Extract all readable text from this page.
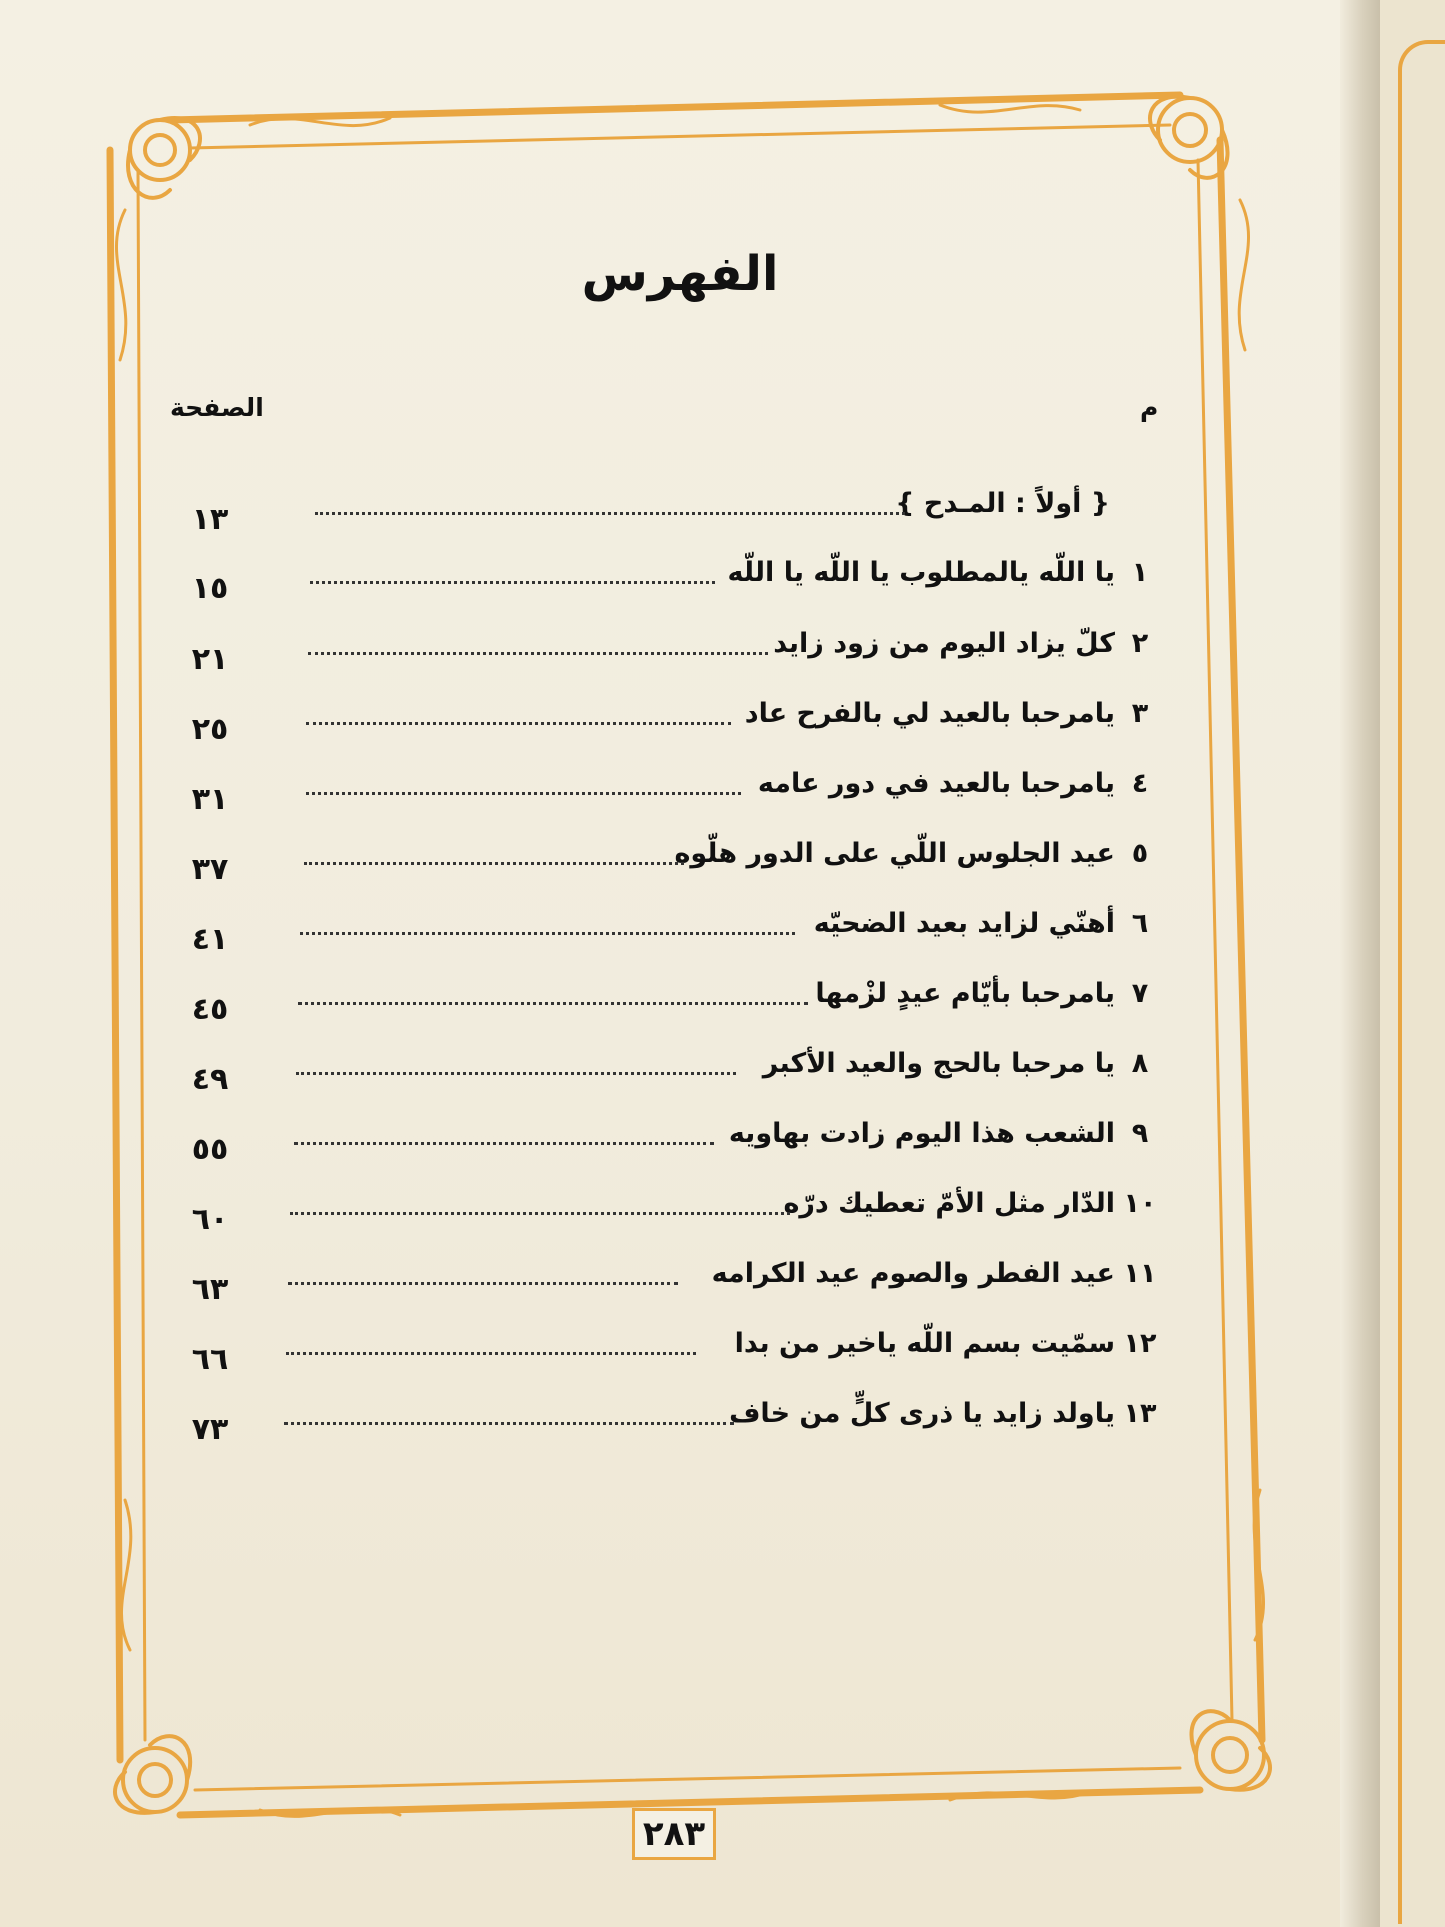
الفهرس
م
الصفحة
{ أولاً : المـدح }
١٣
١
يا اللّه يالمطلوب يا اللّه يا اللّه
١٥
٢
كلّ يزاد اليوم من زود زايد
٢١
٣
يامرحبا بالعيد لي بالفرح عاد
٢٥
٤
يامرحبا بالعيد في دور عامه
٣١
٥
عيد الجلوس اللّي على الدور هلّوه
٣٧
٦
أهنّي لزايد بعيد الضحيّه
٤١
٧
يامرحبا بأيّام عيدٍ لزْمها
٤٥
٨
يا مرحبا بالحج والعيد الأكبر
٤٩
٩
الشعب هذا اليوم زادت بهاويه
٥٥
١٠
الدّار مثل الأمّ تعطيك درّه
٦٠
١١
عيد الفطر والصوم عيد الكرامه
٦٣
١٢
سمّيت بسم اللّه ياخير من بدا
٦٦
١٣
ياولد زايد يا ذرى كلٍّ من خاف
٧٣
٢٨٣
